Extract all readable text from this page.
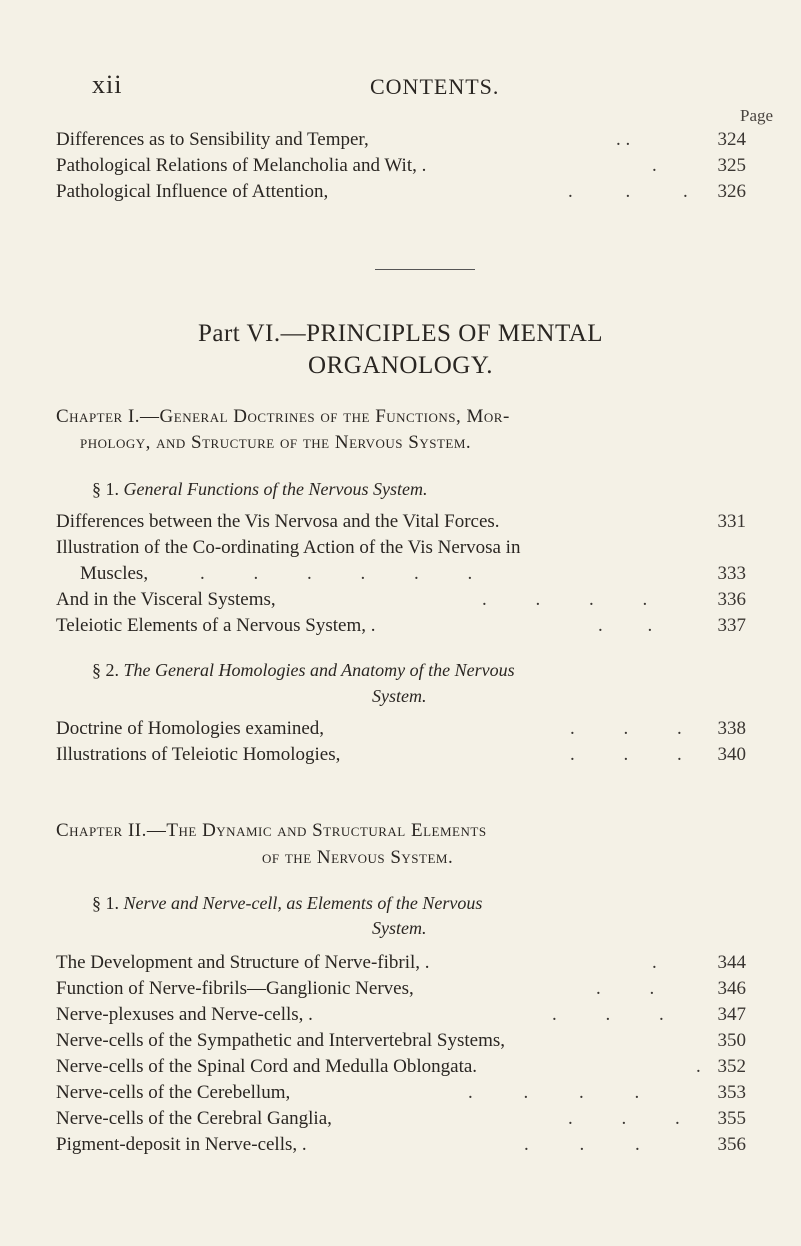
xii	CONTENTS.
Page
Differences as to Sensibility and Temper,	. .	324
Pathological Relations of Melancholia and Wit, .	.	325
Pathological Influence of Attention,	. . . 326
Part VI.—PRINCIPLES OF MENTAL
ORGANOLOGY.
Chapter I.—General Doctrines of the Functions, Mor-
phology, and Structure of the Nervous System.
§ 1. General Functions of the Nervous System.
Differences between the Vis Nervosa and the Vital Forces.	331
Illustration of the Co-ordinating Action of the Vis Nervosa in
Muscles,	. . . . . .	333
And in the Visceral Systems,	. . . .	336
Teleiotic Elements of a Nervous System, .	. .	337
§ 2. The General Homologies and Anatomy of the Nervous
System.
Doctrine of Homologies examined,	. . . 338
Illustrations of Teleiotic Homologies,	. . . 340
Chapter II.—The Dynamic and Structural Elements
of the Nervous System.
§ 1. Nerve and Nerve-cell, as Elements of the Nervous
System.
The Development and Structure of Nerve-fibril, .	.	344
Function of Nerve-fibrils—Ganglionic Nerves,	. .	346
Nerve-plexuses and Nerve-cells, .	. . .	347
Nerve-cells of the Sympathetic and Intervertebral Systems,	350
Nerve-cells of the Spinal Cord and Medulla Oblongata.	. 352
Nerve-cells of the Cerebellum,	. . . .	353
Nerve-cells of the Cerebral Ganglia,	. . . 355
Pigment-deposit in Nerve-cells, .	. . .	356
